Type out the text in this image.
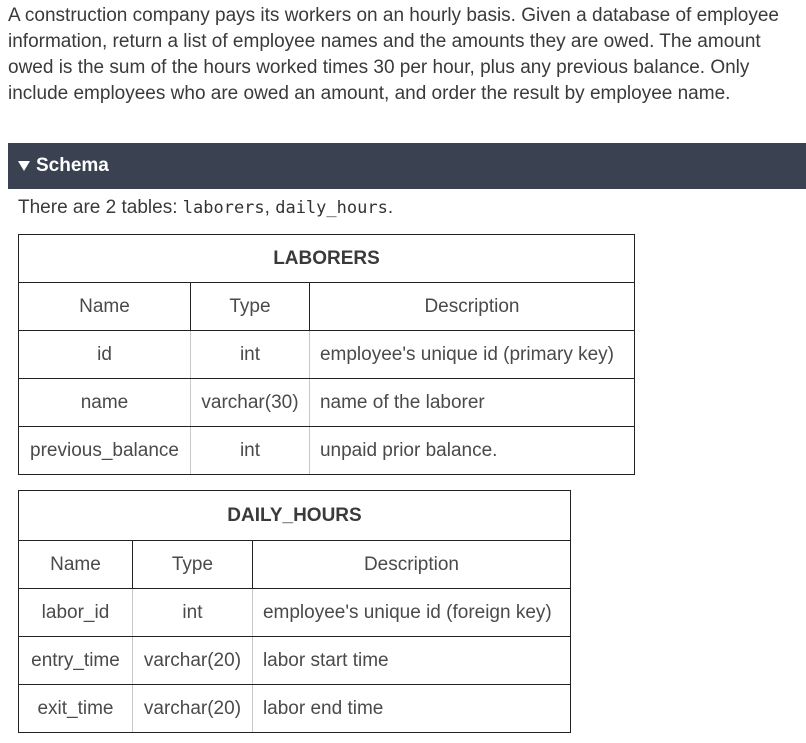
A construction company pays its workers on an hourly basis. Given a database of employee information, return a list of employee names and the amounts they are owed. The amount owed is the sum of the hours worked times 30 per hour, plus any previous balance. Only include employees who are owed an amount, and order the result by employee name.

Schema
There are 2 tables: laborers, daily_hours.
LABORERS		
Name	Type	Description
id	int	employee's unique id (primary key)
name	varchar(30)	name of the laborer
previous_balance	int	unpaid prior balance.
DAILY_HOURS		
Name	Type	Description
labor_id	int	employee's unique id (foreign key)
entry_time	varchar(20)	labor start time
exit_time	varchar(20)	labor end time
